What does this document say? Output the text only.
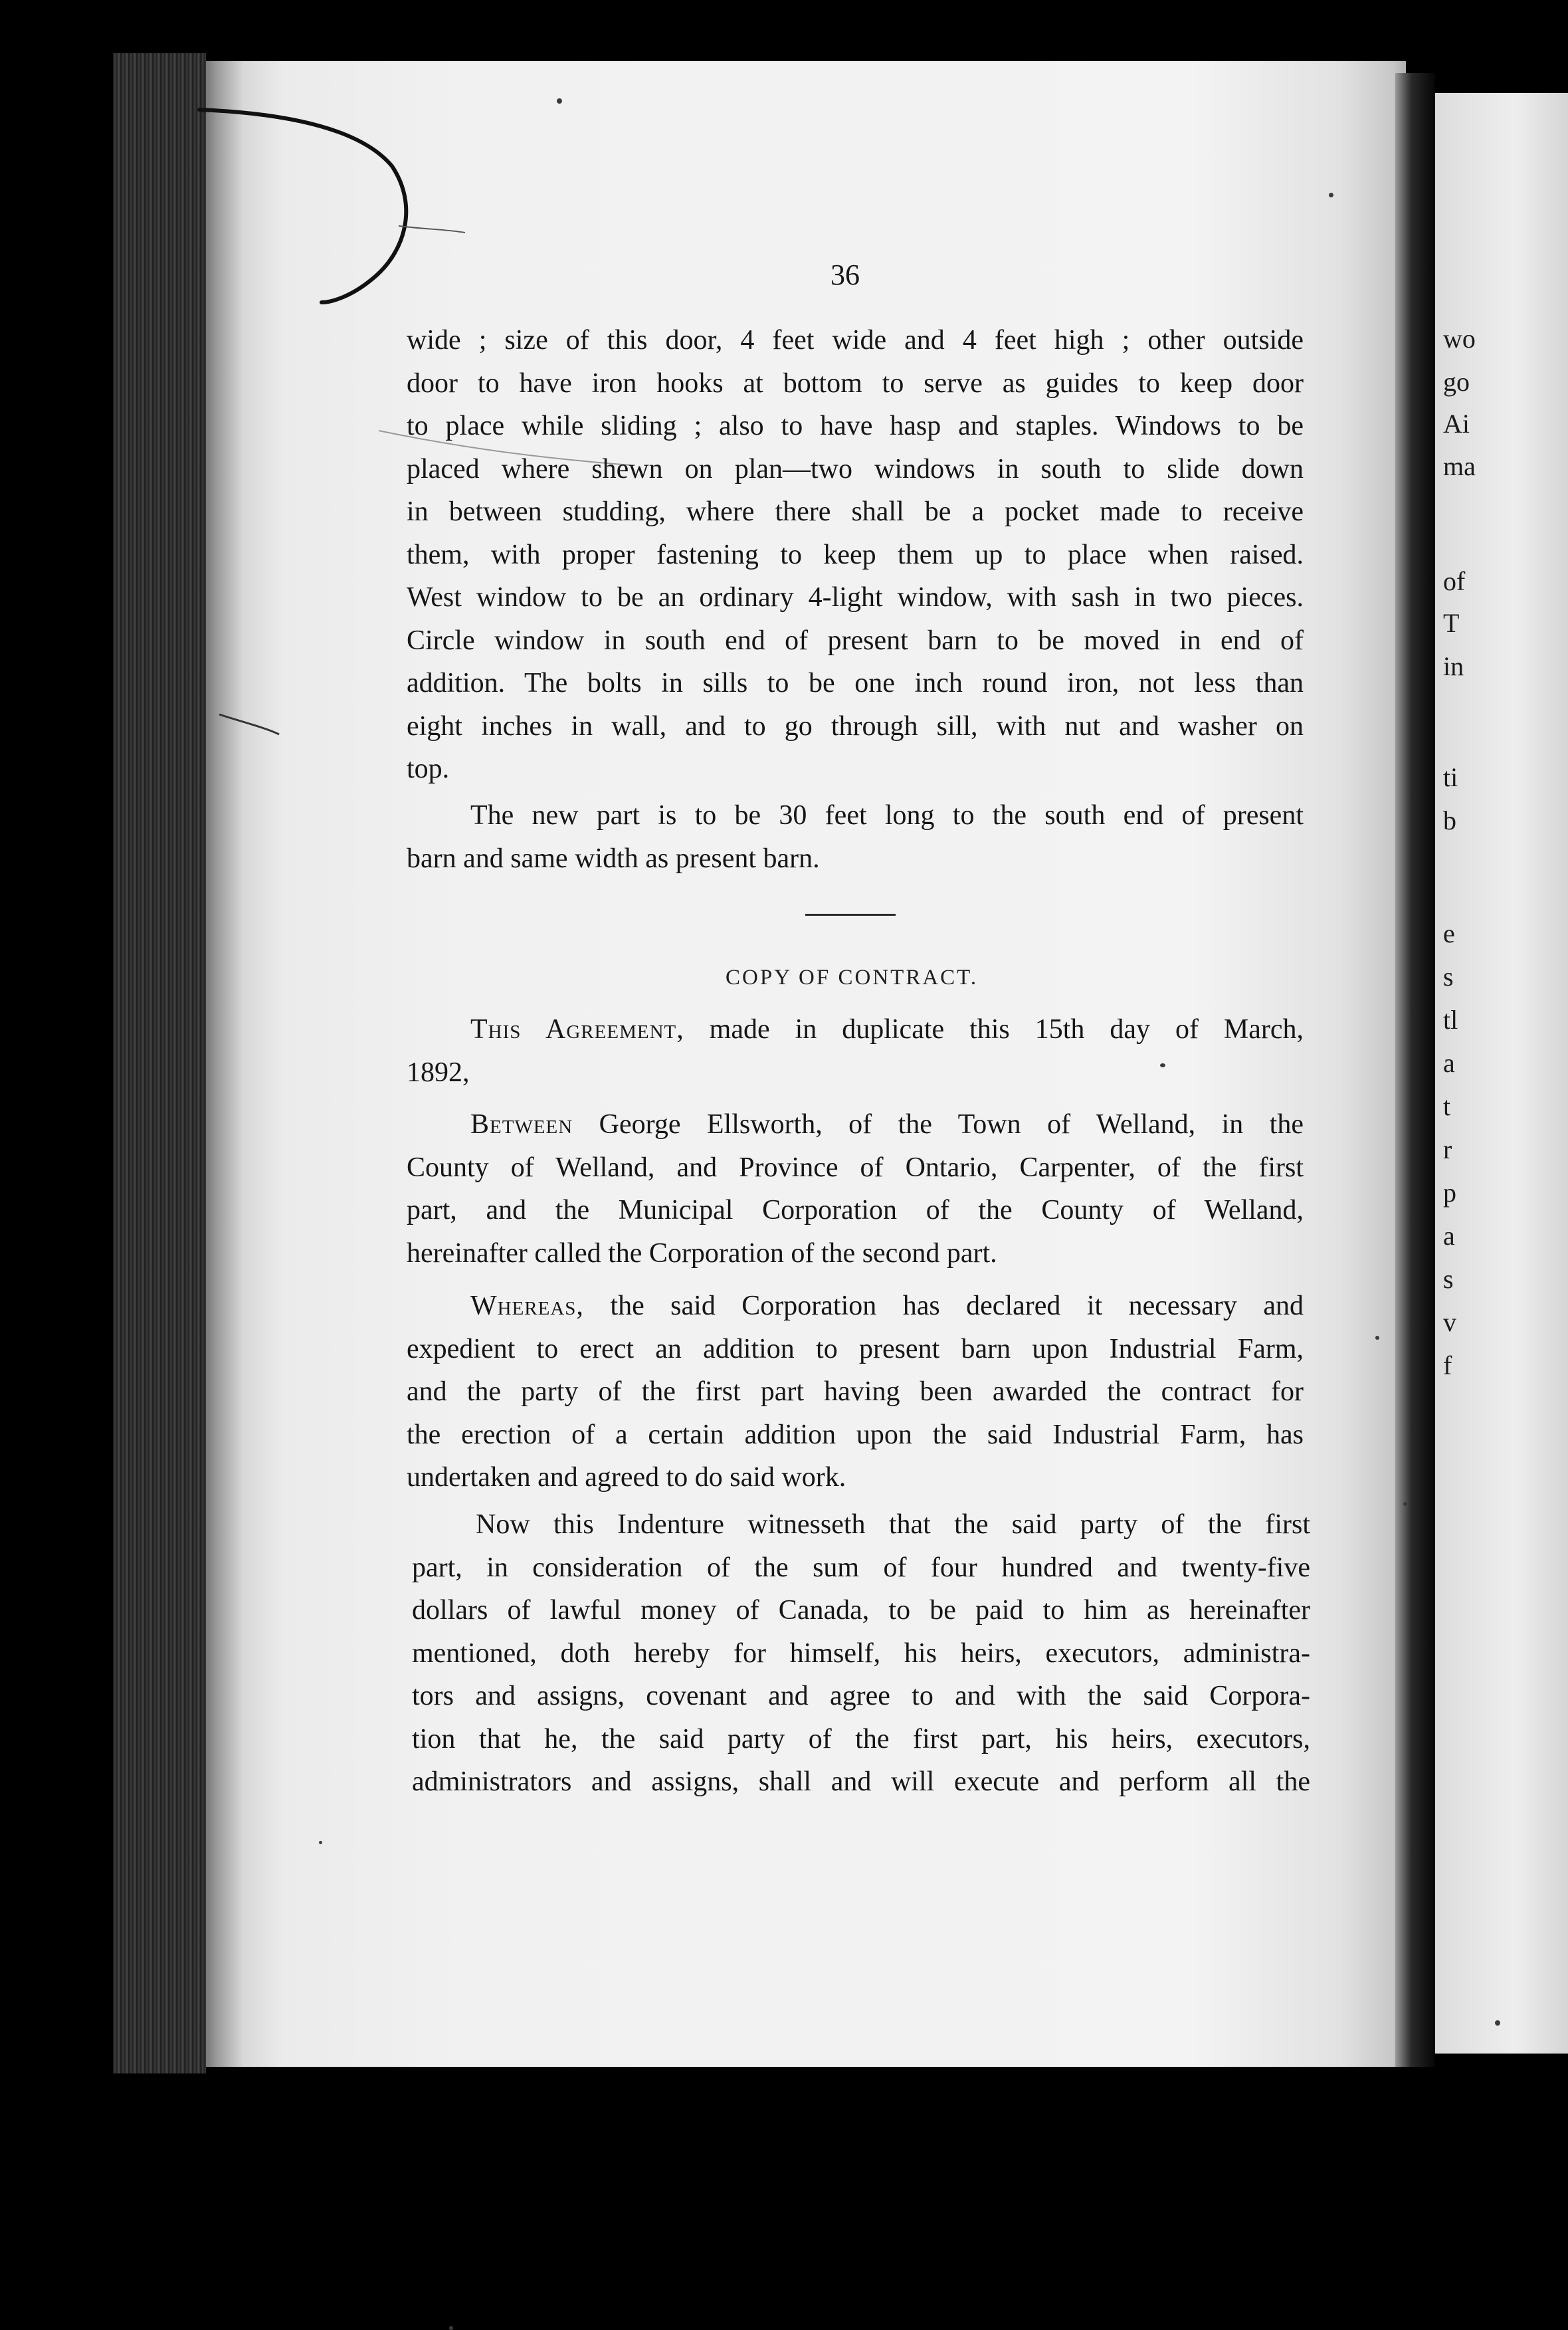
36

wide ; size of this door, 4 feet wide and 4 feet high ; other outside
door to have iron hooks at bottom to serve as guides to keep door
to place while sliding ; also to have hasp and staples. Windows to be
placed where shewn on plan—two windows in south to slide down
in between studding, where there shall be a pocket made to receive
them, with proper fastening to keep them up to place when raised.
West window to be an ordinary 4-light window, with sash in two pieces.
Circle window in south end of present barn to be moved in end of
addition. The bolts in sills to be one inch round iron, not less than
eight inches in wall, and to go through sill, with nut and washer on
top.

The new part is to be 30 feet long to the south end of present
barn and same width as present barn.

COPY OF CONTRACT.

This Agreement, made in duplicate this 15th day of March,
1892,

Between George Ellsworth, of the Town of Welland, in the
County of Welland, and Province of Ontario, Carpenter, of the first
part, and the Municipal Corporation of the County of Welland,
hereinafter called the Corporation of the second part.

Whereas, the said Corporation has declared it necessary and
expedient to erect an addition to present barn upon Industrial Farm,
and the party of the first part having been awarded the contract for
the erection of a certain addition upon the said Industrial Farm, has
undertaken and agreed to do said work.

Now this Indenture witnesseth that the said party of the first
part, in consideration of the sum of four hundred and twenty-five
dollars of lawful money of Canada, to be paid to him as hereinafter
mentioned, doth hereby for himself, his heirs, executors, administra-
tors and assigns, covenant and agree to and with the said Corpora-
tion that he, the said party of the first part, his heirs, executors,
administrators and assigns, shall and will execute and perform all the

wo
go
Ai
ma
of
T
in
ti
b
e
s
tl
a
t
r
p
a
s
v
f
